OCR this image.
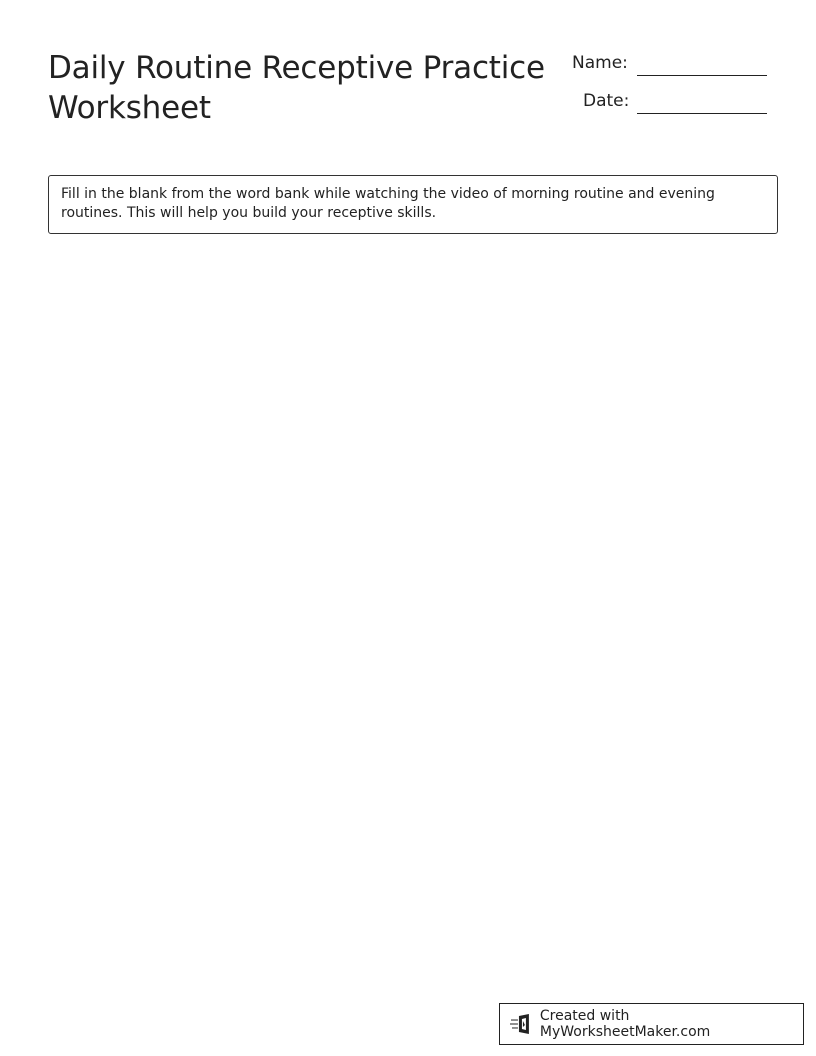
Daily Routine Receptive Practice Worksheet
Name:
Date:
Fill in the blank from the word bank while watching the video of morning routine and evening routines. This will help you build your receptive skills.
Created with MyWorksheetMaker.com
